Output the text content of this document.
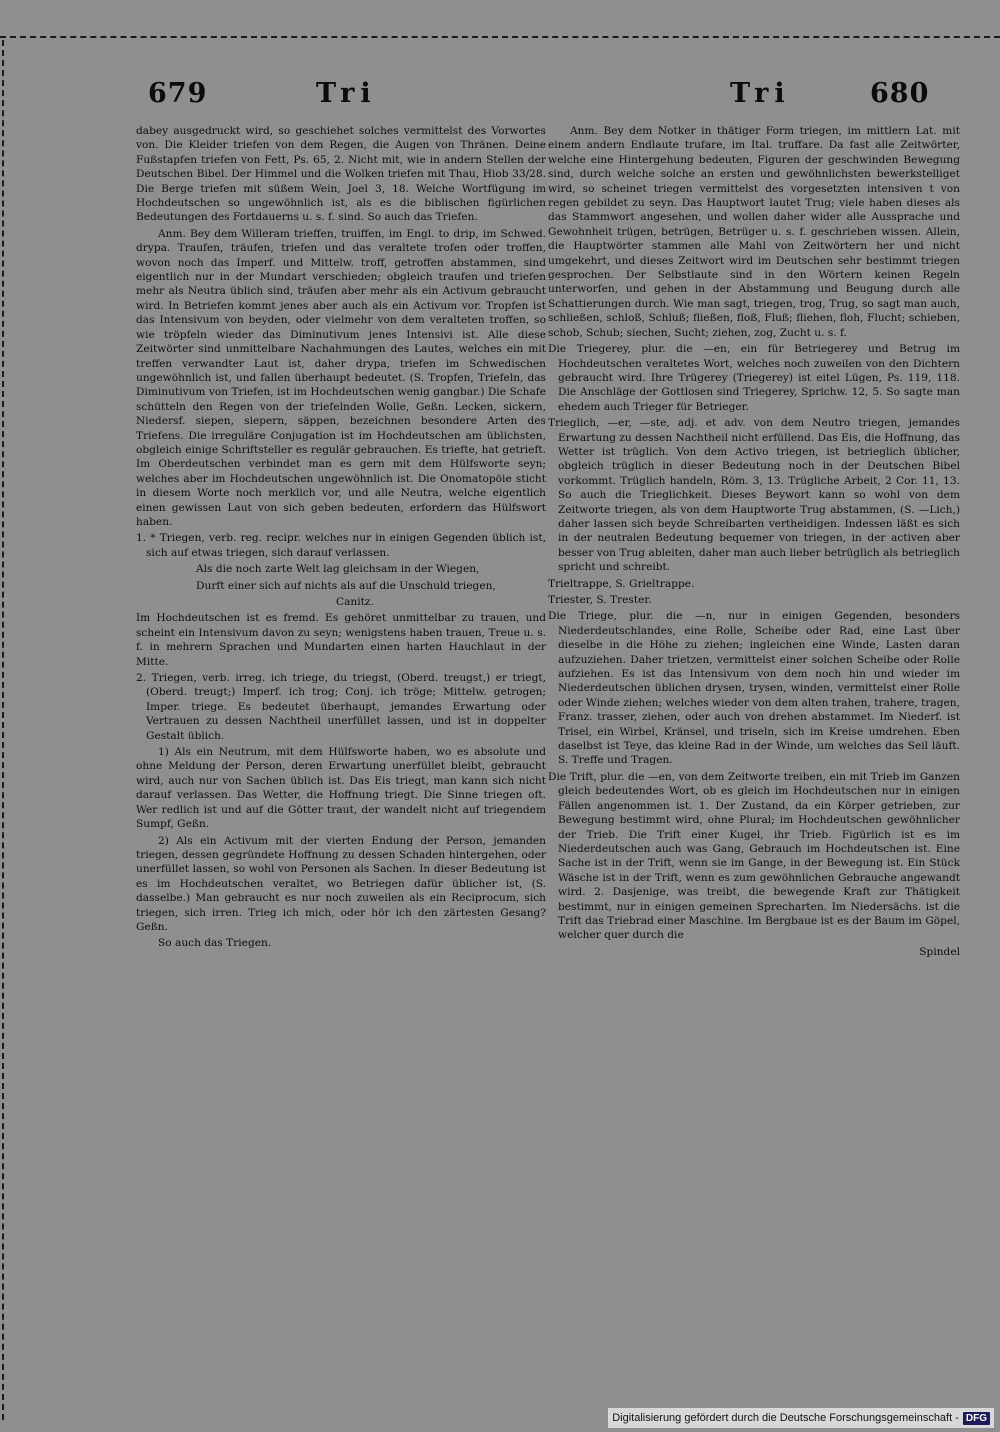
679	Tri	Tri	680

dabey ausgedruckt wird, so geschiehet solches vermittelst des Vorwortes von. Die Kleider triefen von dem Regen, die Augen von Thränen. Deine Fußstapfen triefen von Fett, Ps. 65, 2. Nicht mit, wie in andern Stellen der Deutschen Bibel. Der Himmel und die Wolken triefen mit Thau, Hiob 33/28. Die Berge triefen mit süßem Wein, Joel 3, 18. Welche Wortfügung im Hochdeutschen so ungewöhnlich ist, als es die biblischen figürlichen Bedeutungen des Fortdauerns u. s. f. sind. So auch das Triefen.

Anm. Bey dem Willeram trieffen, truiffen, im Engl. to drip, im Schwed. drypa. Traufen, träufen, triefen und das veraltete trofen oder troffen, wovon noch das Imperf. und Mittelw. troff, getroffen abstammen, sind eigentlich nur in der Mundart verschieden; obgleich traufen und triefen mehr als Neutra üblich sind, träufen aber mehr als ein Activum gebraucht wird. In Betriefen kommt jenes aber auch als ein Activum vor. Tropfen ist das Intensivum von beyden, oder vielmehr von dem veralteten troffen, so wie tröpfeln wieder das Diminutivum jenes Intensivi ist. Alle diese Zeitwörter sind unmittelbare Nachahmungen des Lautes, welches ein mit treffen verwandter Laut ist, daher drypa, triefen im Schwedischen ungewöhnlich ist, und fallen überhaupt bedeutet. (S. Tropfen, Triefeln, das Diminutivum von Triefen, ist im Hochdeutschen wenig gangbar.) Die Schafe schütteln den Regen von der triefelnden Wolle, Geßn. Lecken, sickern, Niedersf. siepen, siepern, säppen, bezeichnen besondere Arten des Triefens. Die irreguläre Conjugation ist im Hochdeutschen am üblichsten, obgleich einige Schriftsteller es regulär gebrauchen. Es triefte, hat getrieft. Im Oberdeutschen verbindet man es gern mit dem Hülfsworte seyn; welches aber im Hochdeutschen ungewöhnlich ist. Die Onomatopöie sticht in diesem Worte noch merklich vor, und alle Neutra, welche eigentlich einen gewissen Laut von sich geben bedeuten, erfordern das Hülfswort haben.

1. * Triegen, verb. reg. recipr. welches nur in einigen Gegenden üblich ist, sich auf etwas triegen, sich darauf verlassen.

Als die noch zarte Welt lag gleichsam in der Wiegen,

Durft einer sich auf nichts als auf die Unschuld triegen,

Canitz.

Im Hochdeutschen ist es fremd. Es gehöret unmittelbar zu trauen, und scheint ein Intensivum davon zu seyn; wenigstens haben trauen, Treue u. s. f. in mehrern Sprachen und Mundarten einen harten Hauchlaut in der Mitte.

2. Triegen, verb. irreg. ich triege, du triegst, (Oberd. treugst,) er triegt, (Oberd. treugt;) Imperf. ich trog; Conj. ich tröge; Mittelw. getrogen; Imper. triege. Es bedeutet überhaupt, jemandes Erwartung oder Vertrauen zu dessen Nachtheil unerfüllet lassen, und ist in doppelter Gestalt üblich.

1) Als ein Neutrum, mit dem Hülfsworte haben, wo es absolute und ohne Meldung der Person, deren Erwartung unerfüllet bleibt, gebraucht wird, auch nur von Sachen üblich ist. Das Eis triegt, man kann sich nicht darauf verlassen. Das Wetter, die Hoffnung triegt. Die Sinne triegen oft. Wer redlich ist und auf die Götter traut, der wandelt nicht auf triegendem Sumpf, Geßn.

2) Als ein Activum mit der vierten Endung der Person, jemanden triegen, dessen gegründete Hoffnung zu dessen Schaden hintergehen, oder unerfüllet lassen, so wohl von Personen als Sachen. In dieser Bedeutung ist es im Hochdeutschen veraltet, wo Betriegen dafür üblicher ist, (S. dasselbe.) Man gebraucht es nur noch zuweilen als ein Reciprocum, sich triegen, sich irren. Trieg ich mich, oder hör ich den zärtesten Gesang? Geßn.

So auch das Triegen.

Anm. Bey dem Notker in thätiger Form triegen, im mittlern Lat. mit einem andern Endlaute trufare, im Ital. truffare. Da fast alle Zeitwörter, welche eine Hintergehung bedeuten, Figuren der geschwinden Bewegung sind, durch welche solche an ersten und gewöhnlichsten bewerkstelliget wird, so scheinet triegen vermittelst des vorgesetzten intensiven t von regen gebildet zu seyn. Das Hauptwort lautet Trug; viele haben dieses als das Stammwort angesehen, und wollen daher wider alle Aussprache und Gewohnheit trügen, betrügen, Betrüger u. s. f. geschrieben wissen. Allein, die Hauptwörter stammen alle Mahl von Zeitwörtern her und nicht umgekehrt, und dieses Zeitwort wird im Deutschen sehr bestimmt triegen gesprochen. Der Selbstlaute sind in den Wörtern keinen Regeln unterworfen, und gehen in der Abstammung und Beugung durch alle Schattierungen durch. Wie man sagt, triegen, trog, Trug, so sagt man auch, schließen, schloß, Schluß; fließen, floß, Fluß; fliehen, floh, Flucht; schieben, schob, Schub; siechen, Sucht; ziehen, zog, Zucht u. s. f.

Die Triegerey, plur. die —en, ein für Betriegerey und Betrug im Hochdeutschen veraltetes Wort, welches noch zuweilen von den Dichtern gebraucht wird. Ihre Trügerey (Triegerey) ist eitel Lügen, Ps. 119, 118. Die Anschläge der Gottlosen sind Triegerey, Sprichw. 12, 5. So sagte man ehedem auch Trieger für Betrieger.

Trieglich, —er, —ste, adj. et adv. von dem Neutro triegen, jemandes Erwartung zu dessen Nachtheil nicht erfüllend. Das Eis, die Hoffnung, das Wetter ist trüglich. Von dem Activo triegen, ist betrieglich üblicher, obgleich trüglich in dieser Bedeutung noch in der Deutschen Bibel vorkommt. Trüglich handeln, Röm. 3, 13. Trügliche Arbeit, 2 Cor. 11, 13. So auch die Trieglichkeit. Dieses Beywort kann so wohl von dem Zeitworte triegen, als von dem Hauptworte Trug abstammen, (S. —Lich,) daher lassen sich beyde Schreibarten vertheidigen. Indessen läßt es sich in der neutralen Bedeutung bequemer von triegen, in der activen aber besser von Trug ableiten, daher man auch lieber betrüglich als betrieglich spricht und schreibt.

Trieltrappe, S. Grieltrappe.

Triester, S. Trester.

Die Triege, plur. die —n, nur in einigen Gegenden, besonders Niederdeutschlandes, eine Rolle, Scheibe oder Rad, eine Last über dieselbe in die Höhe zu ziehen; ingleichen eine Winde, Lasten daran aufzuziehen. Daher trietzen, vermittelst einer solchen Scheibe oder Rolle aufziehen. Es ist das Intensivum von dem noch hin und wieder im Niederdeutschen üblichen drysen, trysen, winden, vermittelst einer Rolle oder Winde ziehen; welches wieder von dem alten trahen, trahere, tragen, Franz. trasser, ziehen, oder auch von drehen abstammet. Im Niederf. ist Trisel, ein Wirbel, Kränsel, und triseln, sich im Kreise umdrehen. Eben daselbst ist Teye, das kleine Rad in der Winde, um welches das Seil läuft. S. Treffe und Tragen.

Die Trift, plur. die —en, von dem Zeitworte treiben, ein mit Trieb im Ganzen gleich bedeutendes Wort, ob es gleich im Hochdeutschen nur in einigen Fällen angenommen ist. 1. Der Zustand, da ein Körper getrieben, zur Bewegung bestimmt wird, ohne Plural; im Hochdeutschen gewöhnlicher der Trieb. Die Trift einer Kugel, ihr Trieb. Figürlich ist es im Niederdeutschen auch was Gang, Gebrauch im Hochdeutschen ist. Eine Sache ist in der Trift, wenn sie im Gange, in der Bewegung ist. Ein Stück Wäsche ist in der Trift, wenn es zum gewöhnlichen Gebrauche angewandt wird. 2. Dasjenige, was treibt, die bewegende Kraft zur Thätigkeit bestimmt, nur in einigen gemeinen Sprecharten. Im Niedersächs. ist die Trift das Triebrad einer Maschine. Im Bergbaue ist es der Baum im Göpel, welcher quer durch die

Spindel

Digitalisierung gefördert durch die Deutsche Forschungsgemeinschaft - DFG
